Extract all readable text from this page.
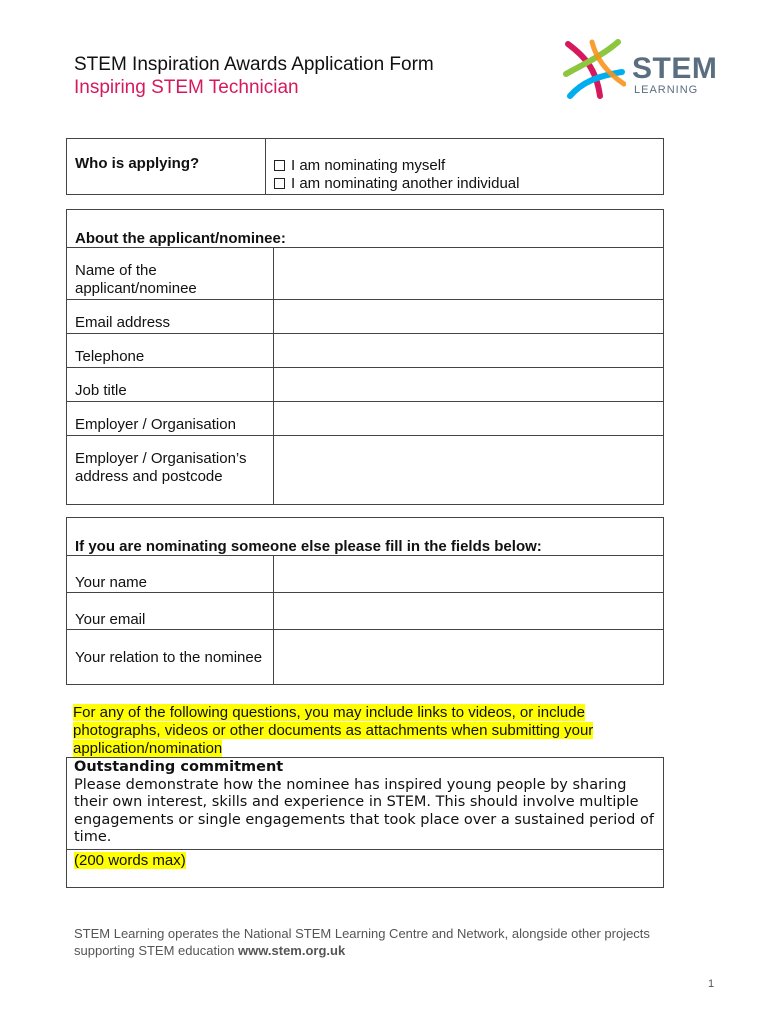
STEM Inspiration Awards Application Form
Inspiring STEM Technician
STEM
LEARNING
Who is applying?	I am nominating myself
I am nominating another individual
About the applicant/nominee:	

Name of the applicant/nominee	

Email address	

Telephone	

Job title	

Employer / Organisation	

Employer / Organisation’s address and postcode	

If you are nominating someone else please fill in the fields below:	

Your name	

Your email	

Your relation to the nominee	

For any of the following questions, you may include links to videos, or include photographs, videos or other documents as attachments when submitting your application/nomination
Outstanding commitment
Please demonstrate how the nominee has inspired young people by sharing their own interest, skills and experience in STEM. This should involve multiple engagements or single engagements that took place over a sustained period of time.
(200 words max)
STEM Learning operates the National STEM Learning Centre and Network, alongside other projects supporting STEM education www.stem.org.uk
1
